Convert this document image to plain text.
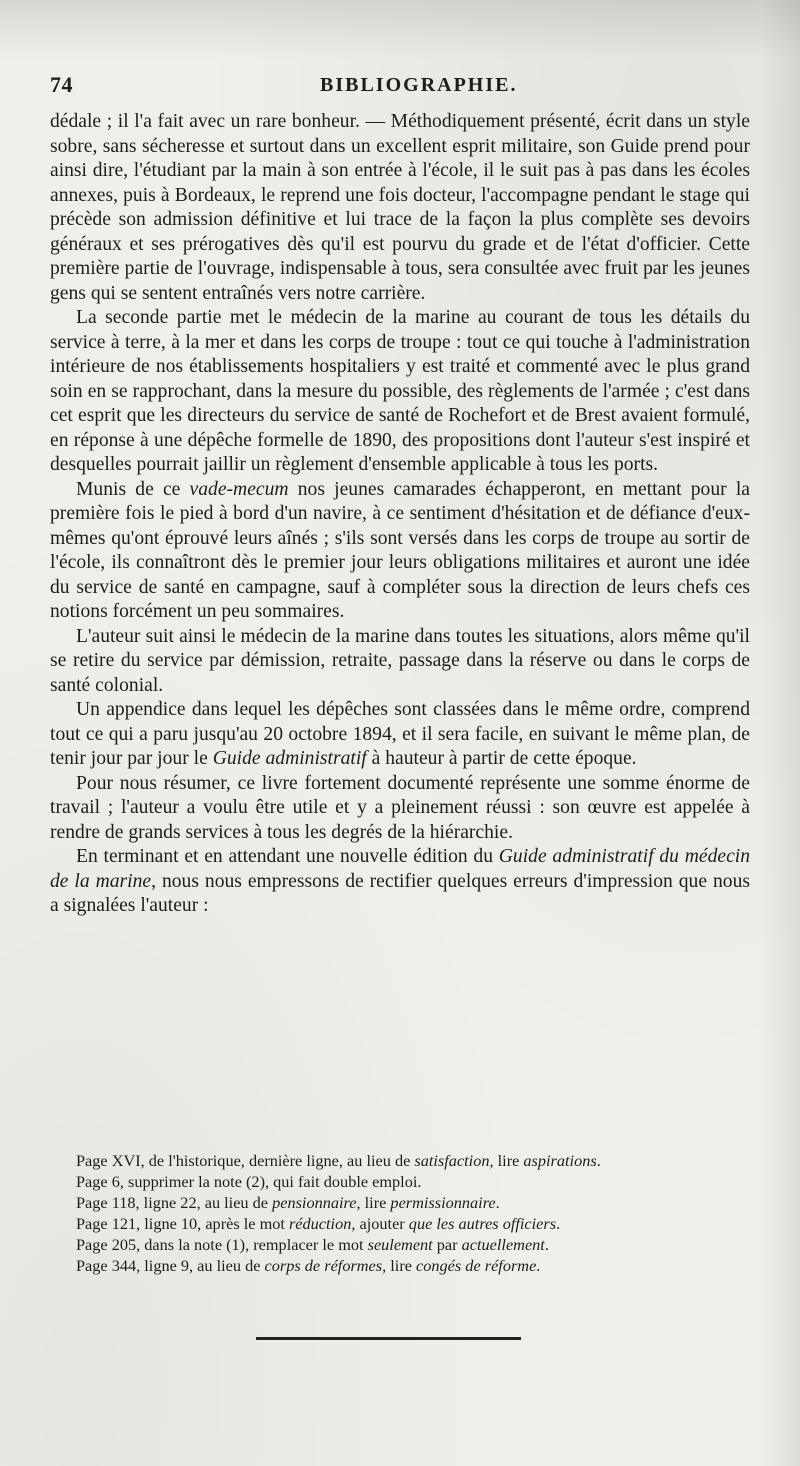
74	BIBLIOGRAPHIE.

dédale ; il l'a fait avec un rare bonheur. — Méthodiquement présenté, écrit dans un style sobre, sans sécheresse et surtout dans un excellent esprit militaire, son Guide prend pour ainsi dire, l'étudiant par la main à son entrée à l'école, il le suit pas à pas dans les écoles annexes, puis à Bordeaux, le reprend une fois docteur, l'accompagne pendant le stage qui précède son admission définitive et lui trace de la façon la plus complète ses devoirs généraux et ses prérogatives dès qu'il est pourvu du grade et de l'état d'officier. Cette première partie de l'ouvrage, indispensable à tous, sera consultée avec fruit par les jeunes gens qui se sentent entraînés vers notre carrière.

La seconde partie met le médecin de la marine au courant de tous les détails du service à terre, à la mer et dans les corps de troupe : tout ce qui touche à l'administration intérieure de nos établissements hospitaliers y est traité et commenté avec le plus grand soin en se rapprochant, dans la mesure du possible, des règlements de l'armée ; c'est dans cet esprit que les directeurs du service de santé de Rochefort et de Brest avaient formulé, en réponse à une dépêche formelle de 1890, des propositions dont l'auteur s'est inspiré et desquelles pourrait jaillir un règlement d'ensemble applicable à tous les ports.

Munis de ce vade-mecum nos jeunes camarades échapperont, en mettant pour la première fois le pied à bord d'un navire, à ce sentiment d'hésitation et de défiance d'eux-mêmes qu'ont éprouvé leurs aînés ; s'ils sont versés dans les corps de troupe au sortir de l'école, ils connaîtront dès le premier jour leurs obligations militaires et auront une idée du service de santé en campagne, sauf à compléter sous la direction de leurs chefs ces notions forcément un peu sommaires.

L'auteur suit ainsi le médecin de la marine dans toutes les situations, alors même qu'il se retire du service par démission, retraite, passage dans la réserve ou dans le corps de santé colonial.

Un appendice dans lequel les dépêches sont classées dans le même ordre, comprend tout ce qui a paru jusqu'au 20 octobre 1894, et il sera facile, en suivant le même plan, de tenir jour par jour le Guide administratif à hauteur à partir de cette époque.

Pour nous résumer, ce livre fortement documenté représente une somme énorme de travail ; l'auteur a voulu être utile et y a pleinement réussi : son œuvre est appelée à rendre de grands services à tous les degrés de la hiérarchie.

En terminant et en attendant une nouvelle édition du Guide administratif du médecin de la marine, nous nous empressons de rectifier quelques erreurs d'impression que nous a signalées l'auteur :

Page XVI, de l'historique, dernière ligne, au lieu de satisfaction, lire aspirations.

Page 6, supprimer la note (2), qui fait double emploi.

Page 118, ligne 22, au lieu de pensionnaire, lire permissionnaire.

Page 121, ligne 10, après le mot réduction, ajouter que les autres officiers.

Page 205, dans la note (1), remplacer le mot seulement par actuellement.

Page 344, ligne 9, au lieu de corps de réformes, lire congés de réforme.
